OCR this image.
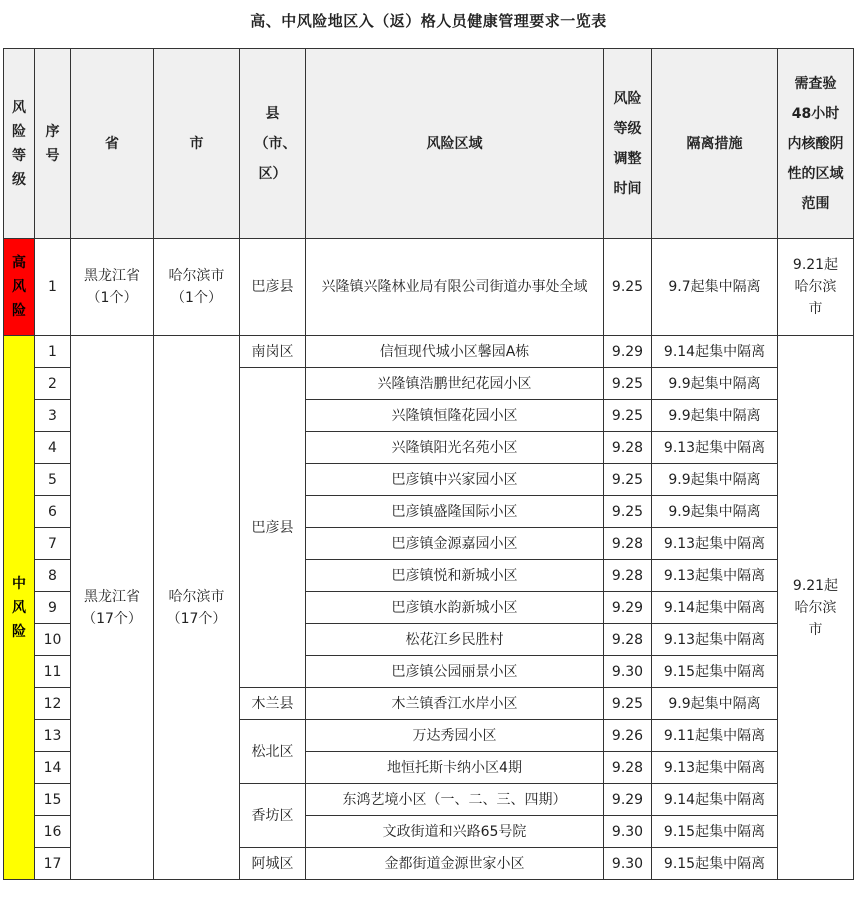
高、中风险地区入（返）格人员健康管理要求一览表
风险等级	序号	省	市	县（市、区）	风险区域	风险等级调整时间	隔离措施	需查验48小时内核酸阴性的区域范围
高风险	1	黑龙江省（1个）	哈尔滨市（1个）	巴彦县	兴隆镇兴隆林业局有限公司街道办事处全域	9.25	9.7起集中隔离	9.21起哈尔滨市
中风险	1	黑龙江省（17个）	哈尔滨市（17个）	南岗区	信恒现代城小区馨园A栋	9.29	9.14起集中隔离	9.21起哈尔滨市
	2			巴彦县	兴隆镇浩鹏世纪花园小区	9.25	9.9起集中隔离	
	3				兴隆镇恒隆花园小区	9.25	9.9起集中隔离	
	4				兴隆镇阳光名苑小区	9.28	9.13起集中隔离	
	5				巴彦镇中兴家园小区	9.25	9.9起集中隔离	
	6				巴彦镇盛隆国际小区	9.25	9.9起集中隔离	
	7				巴彦镇金源嘉园小区	9.28	9.13起集中隔离	
	8				巴彦镇悦和新城小区	9.28	9.13起集中隔离	
	9				巴彦镇水韵新城小区	9.29	9.14起集中隔离	
	10				松花江乡民胜村	9.28	9.13起集中隔离	
	11				巴彦镇公园丽景小区	9.30	9.15起集中隔离	
	12			木兰县	木兰镇香江水岸小区	9.25	9.9起集中隔离	
	13			松北区	万达秀园小区	9.26	9.11起集中隔离	
	14				地恒托斯卡纳小区4期	9.28	9.13起集中隔离	
	15			香坊区	东鸿艺境小区（一、二、三、四期）	9.29	9.14起集中隔离	
	16				文政街道和兴路65号院	9.30	9.15起集中隔离	
	17			阿城区	金都街道金源世家小区	9.30	9.15起集中隔离	
